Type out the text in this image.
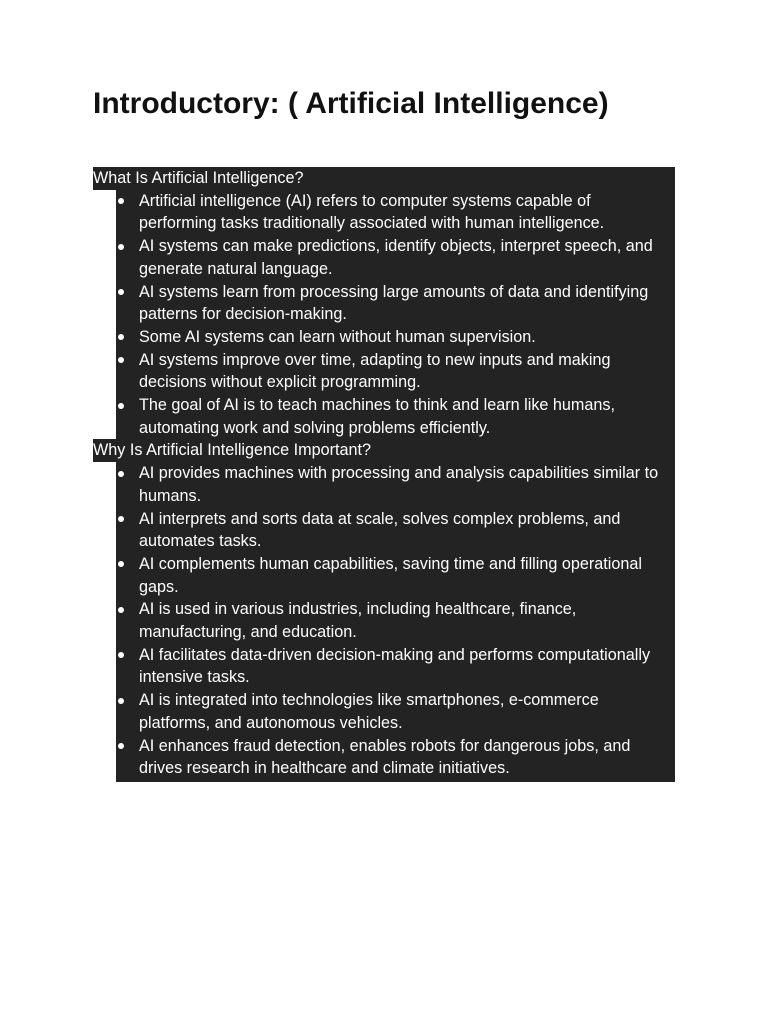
Introductory: ( Artificial Intelligence)
What Is Artificial Intelligence?
Artificial intelligence (AI) refers to computer systems capable of performing tasks traditionally associated with human intelligence.
AI systems can make predictions, identify objects, interpret speech, and generate natural language.
AI systems learn from processing large amounts of data and identifying patterns for decision-making.
Some AI systems can learn without human supervision.
AI systems improve over time, adapting to new inputs and making decisions without explicit programming.
The goal of AI is to teach machines to think and learn like humans, automating work and solving problems efficiently.
Why Is Artificial Intelligence Important?
AI provides machines with processing and analysis capabilities similar to humans.
AI interprets and sorts data at scale, solves complex problems, and automates tasks.
AI complements human capabilities, saving time and filling operational gaps.
AI is used in various industries, including healthcare, finance, manufacturing, and education.
AI facilitates data-driven decision-making and performs computationally intensive tasks.
AI is integrated into technologies like smartphones, e-commerce platforms, and autonomous vehicles.
AI enhances fraud detection, enables robots for dangerous jobs, and drives research in healthcare and climate initiatives.
